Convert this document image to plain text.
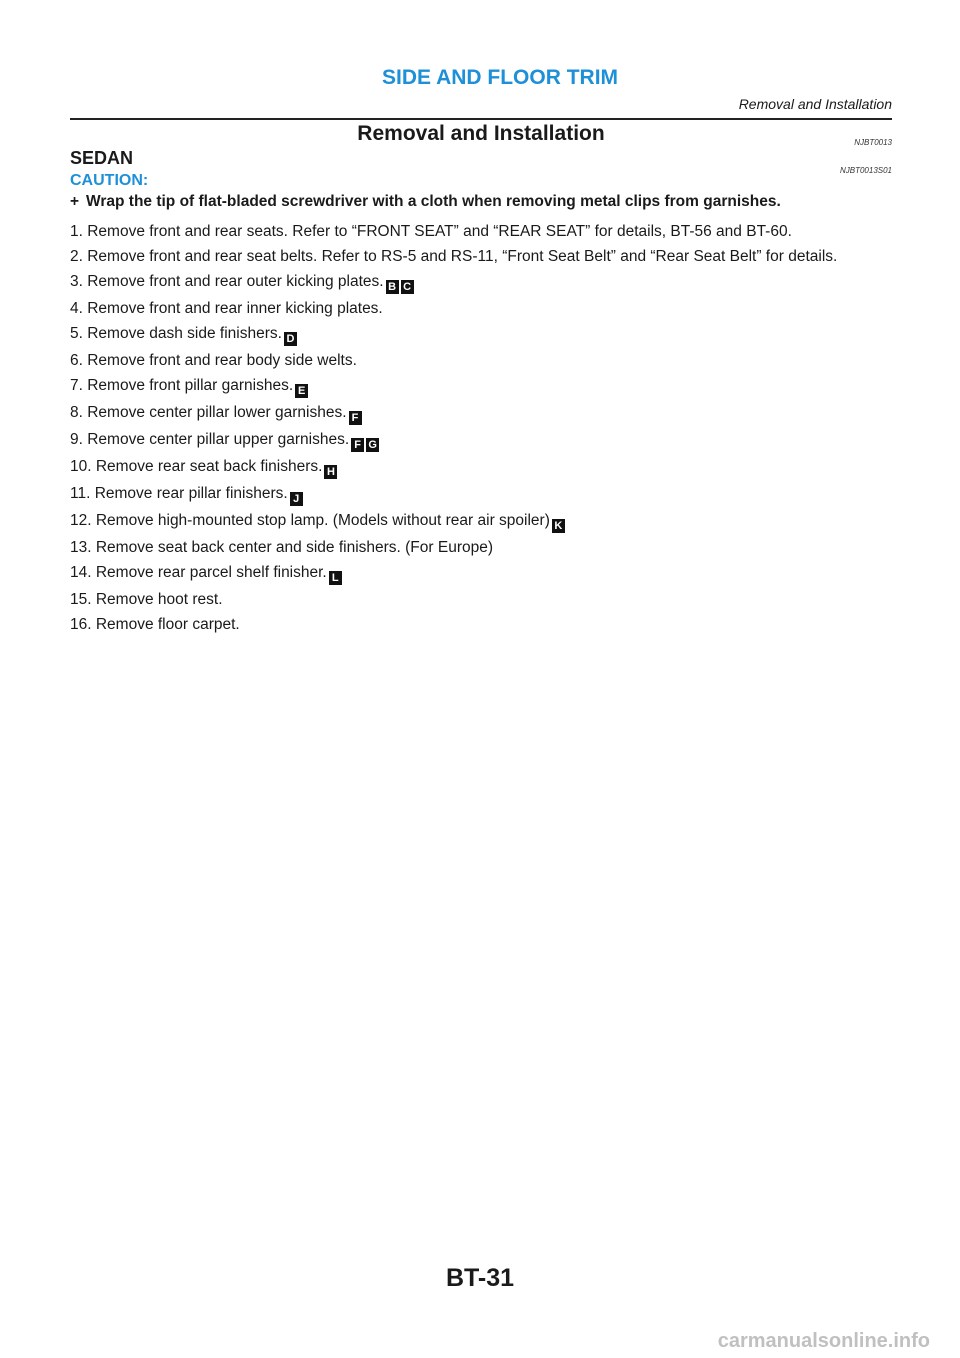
SIDE AND FLOOR TRIM
Removal and Installation
Removal and Installation	NJBT0013
SEDAN
NJBT0013S01
CAUTION:
+ Wrap the tip of flat-bladed screwdriver with a cloth when removing metal clips from garnishes.
1. Remove front and rear seats. Refer to “FRONT SEAT” and “REAR SEAT” for details, BT-56 and BT-60.
2. Remove front and rear seat belts. Refer to RS-5 and RS-11, “Front Seat Belt” and “Rear Seat Belt” for details.
3. Remove front and rear outer kicking plates. B C
4. Remove front and rear inner kicking plates.
5. Remove dash side finishers. D
6. Remove front and rear body side welts.
7. Remove front pillar garnishes. E
8. Remove center pillar lower garnishes. F
9. Remove center pillar upper garnishes. F G
10. Remove rear seat back finishers. H
11. Remove rear pillar finishers. J
12. Remove high-mounted stop lamp. (Models without rear air spoiler) K
13. Remove seat back center and side finishers. (For Europe)
14. Remove rear parcel shelf finisher. L
15. Remove hoot rest.
16. Remove floor carpet.
BT-31
carmanualsonline.info
